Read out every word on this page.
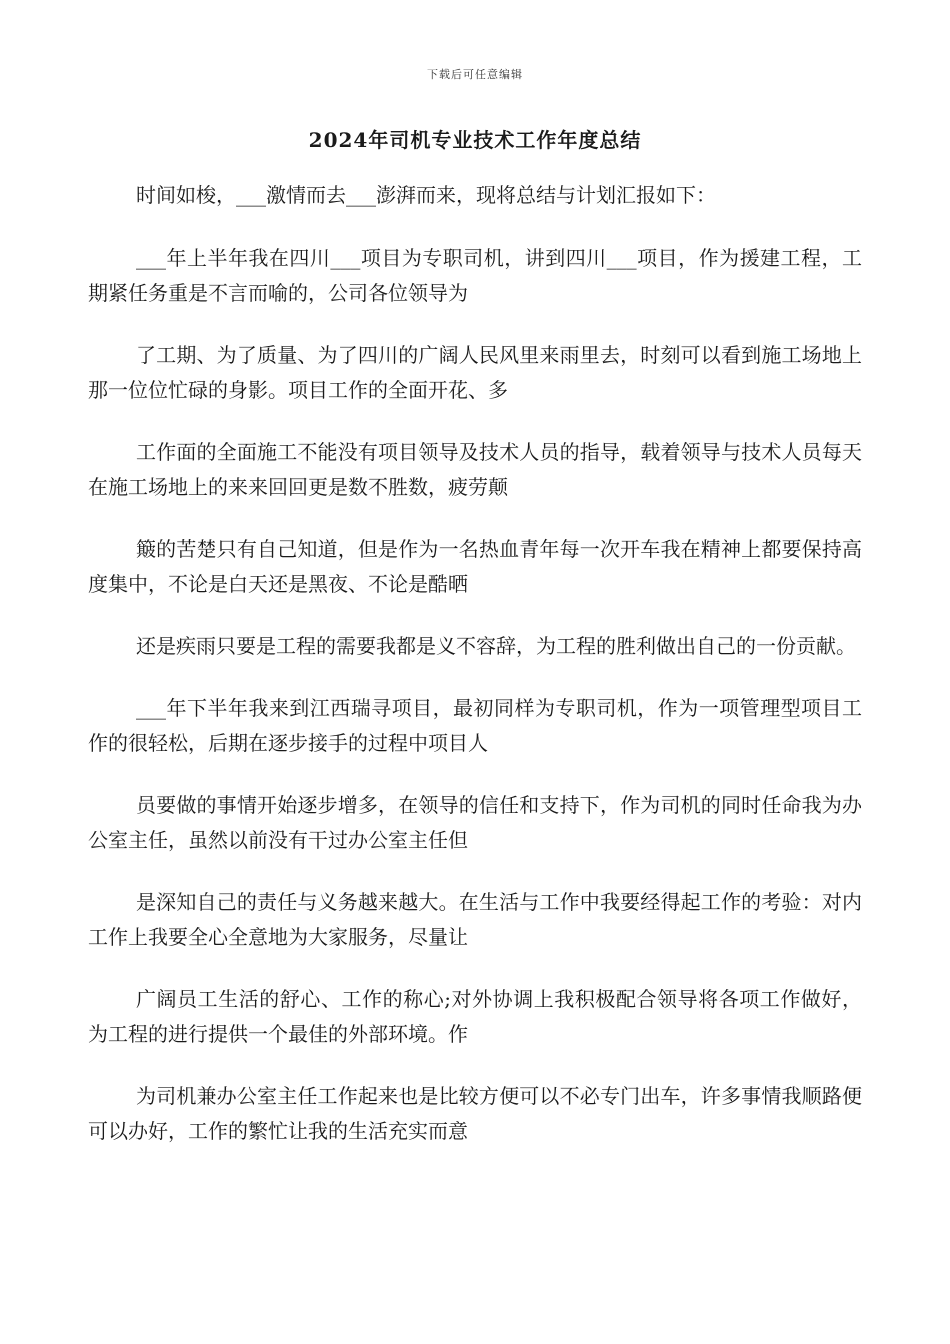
下载后可任意编辑
2024年司机专业技术工作年度总结

时间如梭，___激情而去___澎湃而来，现将总结与计划汇报如下：

___年上半年我在四川___项目为专职司机，讲到四川___项目，作为援建工程，工期紧任务重是不言而喻的，公司各位领导为

了工期、为了质量、为了四川的广阔人民风里来雨里去，时刻可以看到施工场地上那一位位忙碌的身影。项目工作的全面开花、多

工作面的全面施工不能没有项目领导及技术人员的指导，载着领导与技术人员每天在施工场地上的来来回回更是数不胜数，疲劳颠

簸的苦楚只有自己知道，但是作为一名热血青年每一次开车我在精神上都要保持高度集中，不论是白天还是黑夜、不论是酷晒

还是疾雨只要是工程的需要我都是义不容辞，为工程的胜利做出自己的一份贡献。

___年下半年我来到江西瑞寻项目，最初同样为专职司机，作为一项管理型项目工作的很轻松，后期在逐步接手的过程中项目人

员要做的事情开始逐步增多，在领导的信任和支持下，作为司机的同时任命我为办公室主任，虽然以前没有干过办公室主任但

是深知自己的责任与义务越来越大。在生活与工作中我要经得起工作的考验：对内工作上我要全心全意地为大家服务，尽量让

广阔员工生活的舒心、工作的称心;对外协调上我积极配合领导将各项工作做好，为工程的进行提供一个最佳的外部环境。作

为司机兼办公室主任工作起来也是比较方便可以不必专门出车，许多事情我顺路便可以办好，工作的繁忙让我的生活充实而意
